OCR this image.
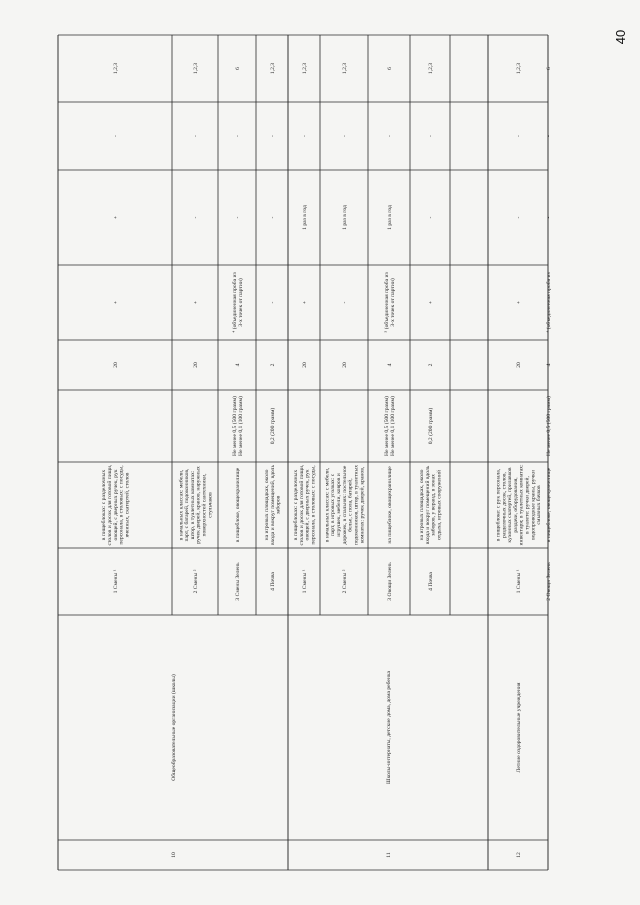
40
10
Общеобразовательные организации (школы)
1 Смены ¹
в пищеблоках: с разделочныхстолов и досок для готовой пищи,овощей, с дверных ручек, рукперсонала, в столовых: с посуды,ячеиных, скатертей, столов
20
+
+
-
1,2,3
2 Смены ²
в начальных классах: мебели,парт, с батарей, подоконников,штор, в туалетных комнатах:ручек дверей, кранов, наружныхповерхностей сантехники,стульчаков
20
+
-
-
1,2,3
3 Смены Зелень
в пищеблоке, овощехранилище
Не менее 0,5 (500 грамм)Не менее 0,1 (100 грамм)
4
⁴ (объединенная проба из3-х точек от партии)
-
-
6
4 Почва
на игровых площадках, околовхода и вокруг помещений, вдользаборов
0,2 (200 грамм)
2
-
-
-
1,2,3
11
Школы-интернаты, детские дома, дома ребенка
1 Смены ¹
в пищеблоках: с разделочныхстолов и досок для готовой пищи,овощей, с дверных ручек, рукперсонала, в столовых: с посуды,
20
+
1 раз в год
-
1,2,3
2 Смены ²
в начальных классах: с мебели,парт, в игровых уголках: сигрушек, мебели, ковров идорожек, в спальнях: постельноебелье, с пола, батарей,подоконников, штор, в туалетныхкомнатах: ручек дверей, кранов,
20
-
1 раз в год
-
1,2,3
3 Овощи Зелень
на пищеблоке, овощехранилище
Не менее 0,5 (500 грамм)Не менее 0,1 (100 грамм)
4
⁵ (объединенная проба из3-х точек от партии)
1 раз в год
-
6
4 Почва
на игровых площадках, околовхода и вокруг помещений вдользаборов, у веранд, в зонахотдыха, игровых сооружений
0,2 (200 грамм)
2
+
-
-
1,2,3
12
Летние оздоровительные учреждения
1 Смены ¹
в пищеблоке: с рук персонала,разделочных досок, столов,кухонных скатертей, прилавковраздачи, оборудования,инвентаря; в туалетных комнатах:в туалете: ручки дверей,водопроводные краны, ручкисмывных бачков
20
+
-
-
1,2,3
2 Овощи Зелень
в пищеблоке, овощехранилище
Не менее 0,5 (500 грамм)
4
⁴ (объединенная проба из
-
-
6
